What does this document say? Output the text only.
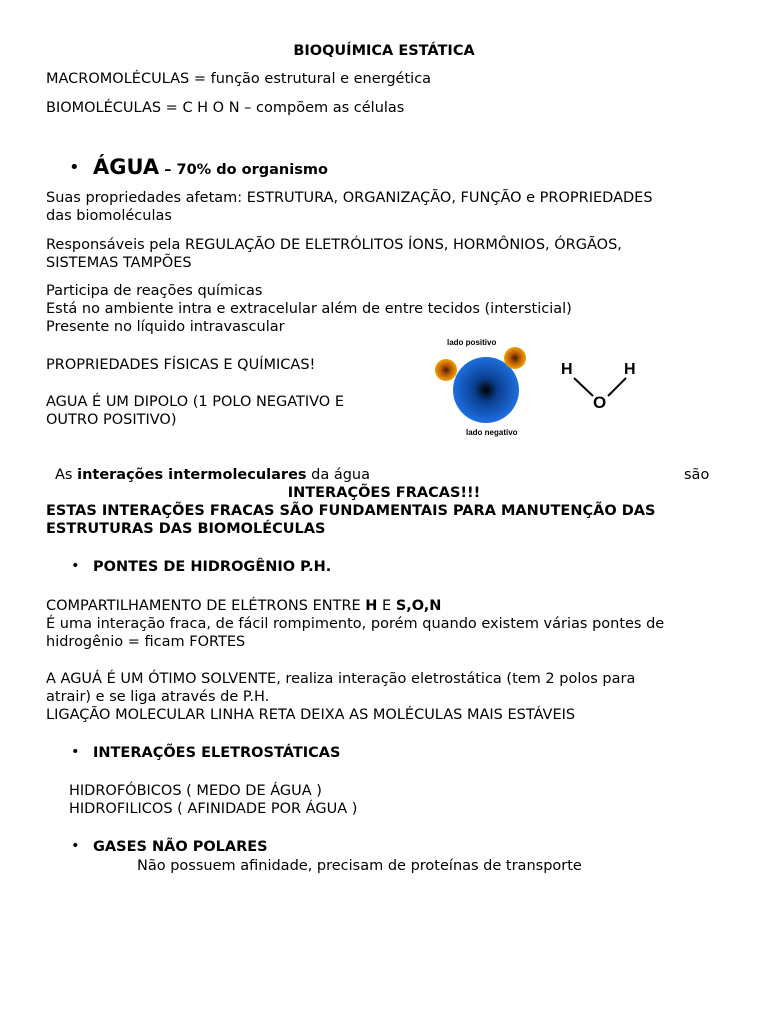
BIOQUÍMICA ESTÁTICA
MACROMOLÉCULAS = função estrutural e energética
BIOMOLÉCULAS = C H O N – compõem as células
• ÁGUA – 70% do organismo
Suas propriedades afetam: ESTRUTURA, ORGANIZAÇÃO, FUNÇÃO e PROPRIEDADES
das biomoléculas
Responsáveis pela REGULAÇÃO DE ELETRÓLITOS ÍONS, HORMÔNIOS, ÓRGÃOS,
SISTEMAS TAMPÕES
Participa de reações químicas
Está no ambiente intra e extracelular além de entre tecidos (intersticial)
Presente no líquido intravascular
PROPRIEDADES FÍSICAS E QUÍMICAS!
AGUA É UM DIPOLO (1 POLO NEGATIVO E
OUTRO POSITIVO)
lado positivo
lado negativo
H	H
O
As interações intermoleculares da água	são
INTERAÇÕES FRACAS!!!
ESTAS INTERAÇÕES FRACAS SÃO FUNDAMENTAIS PARA MANUTENÇÃO DAS
ESTRUTURAS DAS BIOMOLÉCULAS
• PONTES DE HIDROGÊNIO P.H.
COMPARTILHAMENTO DE ELÉTRONS ENTRE H E S,O,N
É uma interação fraca, de fácil rompimento, porém quando existem várias pontes de
hidrogênio = ficam FORTES
A AGUÁ É UM ÓTIMO SOLVENTE, realiza interação eletrostática (tem 2 polos para
atrair) e se liga através de P.H.
LIGAÇÃO MOLECULAR LINHA RETA DEIXA AS MOLÉCULAS MAIS ESTÁVEIS
• INTERAÇÕES ELETROSTÁTICAS
HIDROFÓBICOS ( MEDO DE ÁGUA )
HIDROFILICOS ( AFINIDADE POR ÁGUA )
• GASES NÃO POLARES
Não possuem afinidade, precisam de proteínas de transporte
